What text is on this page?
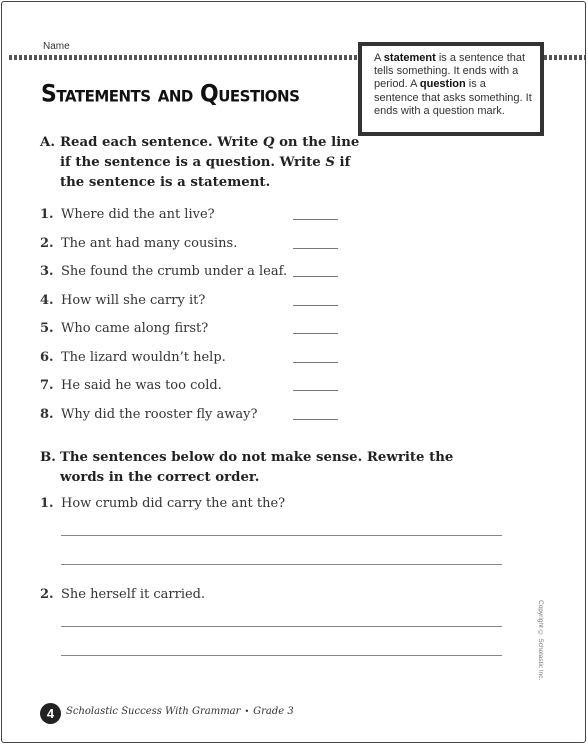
Name
Statements and Questions
A statement is a sentence that tells something. It ends with a period. A question is a sentence that asks something. It ends with a question mark.
A. Read each sentence. Write Q on the line if the sentence is a question. Write S if the sentence is a statement.
1. Where did the ant live?
2. The ant had many cousins.
3. She found the crumb under a leaf.
4. How will she carry it?
5. Who came along first?
6. The lizard wouldn’t help.
7. He said he was too cold.
8. Why did the rooster fly away?
B. The sentences below do not make sense. Rewrite the words in the correct order.
1. How crumb did carry the ant the?
2. She herself it carried.
Copyright © Scholastic Inc.
4	Scholastic Success With Grammar • Grade 3
